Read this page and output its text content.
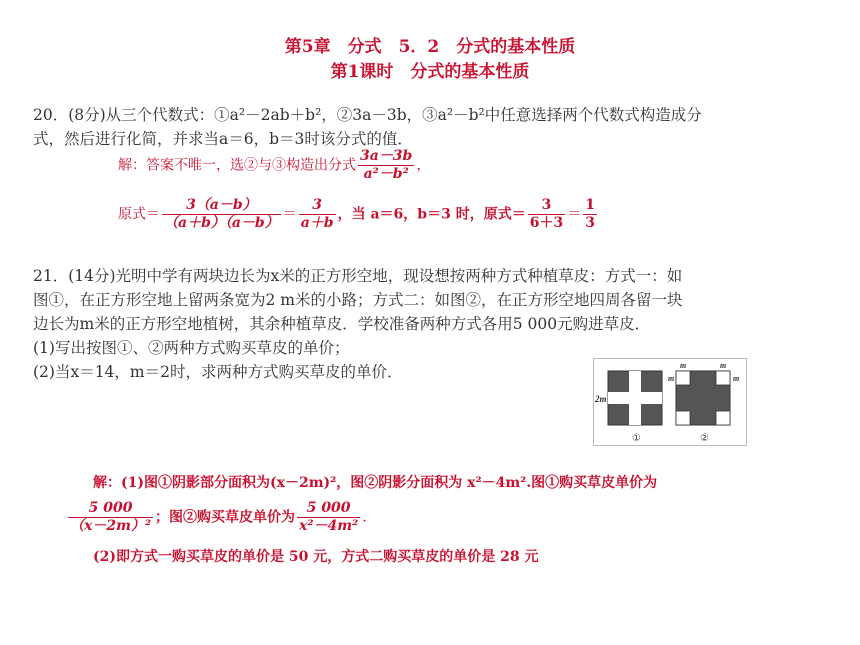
第5章　分式　5．2　分式的基本性质
第1课时　分式的基本性质
20．(8分)从三个代数式：①a²－2ab＋b²，②3a－3b，③a²－b²中任意选择两个代数式构造成分
式，然后进行化简，并求当a＝6，b＝3时该分式的值．
解：答案不唯一，选②与③构造出分式 $\frac{3a-3b}{\text{a²－b²}}$ ，
原式＝ $\frac{3(a-b)}{(a+b)(a-b)} = \frac{3}{a+b}$ ，当 a＝6，b＝3 时，原式＝ $\frac{3}{6+3} = \frac{1}{3}$
21．(14分)光明中学有两块边长为x米的正方形空地，现设想按两种方式种植草皮：方式一：如
图①，在正方形空地上留两条宽为2 m米的小路；方式二：如图②，在正方形空地四周各留一块
边长为m米的正方形空地植树，其余种植草皮．学校准备两种方式各用5 000元购进草皮．
(1)写出按图①、②两种方式购买草皮的单价；
(2)当x＝14，m＝2时，求两种方式购买草皮的单价．
2m
m	m
m	m
①	②
解：(1)图①阴影部分面积为(x－2m)²，图②阴影分面积为 x²－4m².图①购买草皮单价为
$\frac{5 000}{\text{（x－2m）²}}$ ；图②购买草皮单价为 $\frac{5 000}{\text{x²－4m²}}$ ．
(2)即方式一购买草皮的单价是 50 元，方式二购买草皮的单价是 28 元
